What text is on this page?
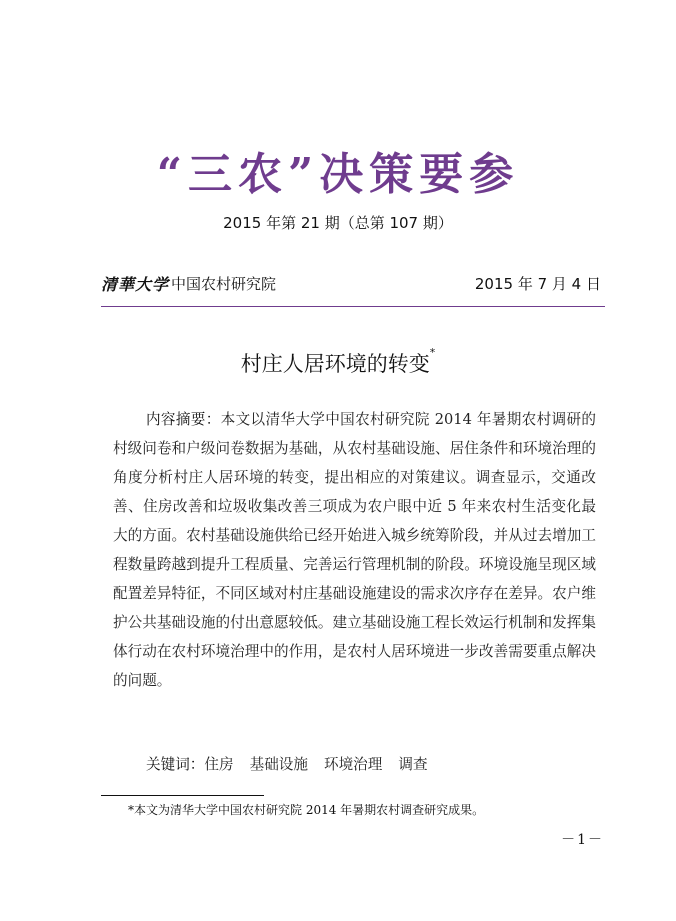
“三农”决策要参
2015 年第 21 期（总第 107 期）
清華大学 中国农村研究院	2015 年 7 月 4 日
村庄人居环境的转变*

内容摘要：本文以清华大学中国农村研究院 2014 年暑期农村调研的村级问卷和户级问卷数据为基础，从农村基础设施、居住条件和环境治理的角度分析村庄人居环境的转变，提出相应的对策建议。调查显示，交通改善、住房改善和垃圾收集改善三项成为农户眼中近 5 年来农村生活变化最大的方面。农村基础设施供给已经开始进入城乡统筹阶段，并从过去增加工程数量跨越到提升工程质量、完善运行管理机制的阶段。环境设施呈现区域配置差异特征，不同区域对村庄基础设施建设的需求次序存在差异。农户维护公共基础设施的付出意愿较低。建立基础设施工程长效运行机制和发挥集体行动在农村环境治理中的作用，是农村人居环境进一步改善需要重点解决的问题。

关键词：住房 基础设施 环境治理 调查
*本文为清华大学中国农村研究院 2014 年暑期农村调查研究成果。
－1－
